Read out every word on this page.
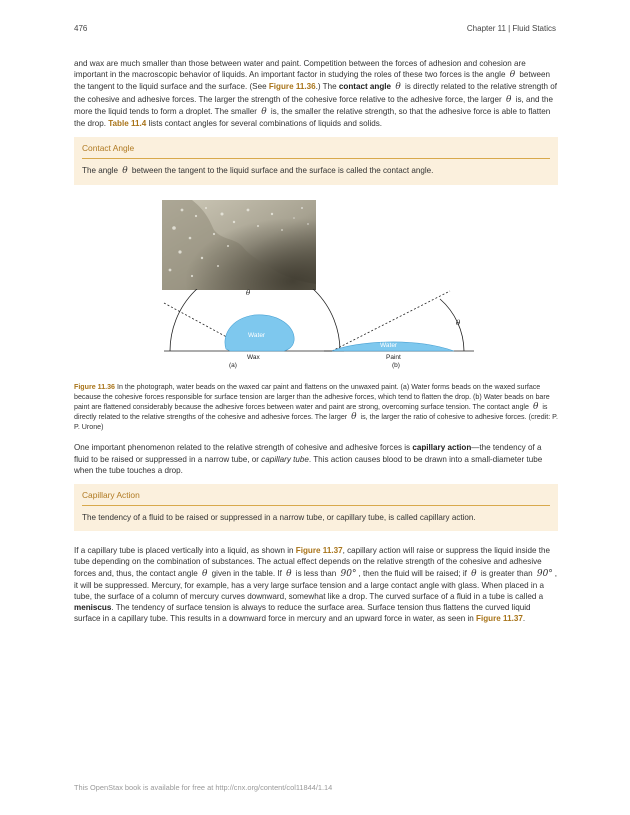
476	Chapter 11 | Fluid Statics

and wax are much smaller than those between water and paint. Competition between the forces of adhesion and cohesion are important in the macroscopic behavior of liquids. An important factor in studying the roles of these two forces is the angle θ between the tangent to the liquid surface and the surface. (See Figure 11.36.) The contact angle θ is directly related to the relative strength of the cohesive and adhesive forces. The larger the strength of the cohesive force relative to the adhesive force, the larger θ is, and the more the liquid tends to form a droplet. The smaller θ is, the smaller the relative strength, so that the adhesive force is able to flatten the drop. Table 11.4 lists contact angles for several combinations of liquids and solids.

Contact Angle
The angle θ between the tangent to the liquid surface and the surface is called the contact angle.
θ
Water
Wax
(a)
θ
Water
Paint
(b)

Figure 11.36 In the photograph, water beads on the waxed car paint and flattens on the unwaxed paint. (a) Water forms beads on the waxed surface because the cohesive forces responsible for surface tension are larger than the adhesive forces, which tend to flatten the drop. (b) Water beads on bare paint are flattened considerably because the adhesive forces between water and paint are strong, overcoming surface tension. The contact angle θ is directly related to the relative strengths of the cohesive and adhesive forces. The larger θ is, the larger the ratio of cohesive to adhesive forces. (credit: P. P. Urone)

One important phenomenon related to the relative strength of cohesive and adhesive forces is capillary action—the tendency of a fluid to be raised or suppressed in a narrow tube, or capillary tube. This action causes blood to be drawn into a small-diameter tube when the tube touches a drop.

Capillary Action
The tendency of a fluid to be raised or suppressed in a narrow tube, or capillary tube, is called capillary action.

If a capillary tube is placed vertically into a liquid, as shown in Figure 11.37, capillary action will raise or suppress the liquid inside the tube depending on the combination of substances. The actual effect depends on the relative strength of the cohesive and adhesive forces and, thus, the contact angle θ given in the table. If θ is less than 90° , then the fluid will be raised; if θ is greater than 90° , it will be suppressed. Mercury, for example, has a very large surface tension and a large contact angle with glass. When placed in a tube, the surface of a column of mercury curves downward, somewhat like a drop. The curved surface of a fluid in a tube is called a meniscus. The tendency of surface tension is always to reduce the surface area. Surface tension thus flattens the curved liquid surface in a capillary tube. This results in a downward force in mercury and an upward force in water, as seen in Figure 11.37.

This OpenStax book is available for free at http://cnx.org/content/col11844/1.14
